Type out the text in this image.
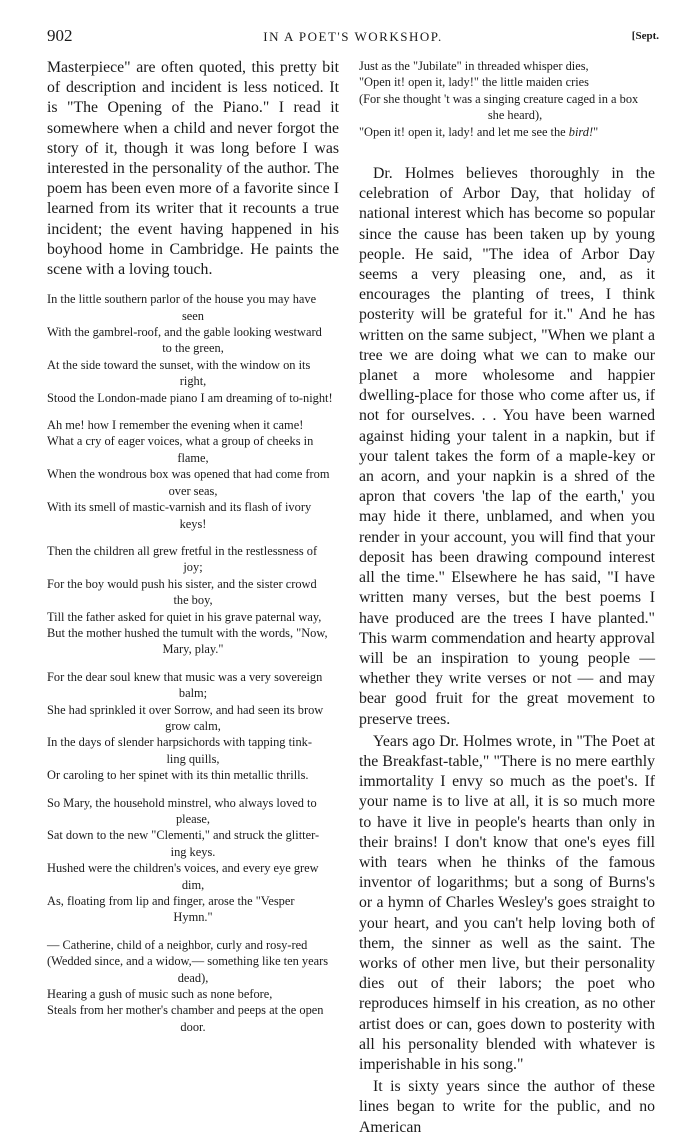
902	IN A POET'S WORKSHOP.	[Sept.

Masterpiece" are often quoted, this pretty bit of description and incident is less noticed. It is "The Opening of the Piano." I read it somewhere when a child and never forgot the story of it, though it was long before I was interested in the personality of the author. The poem has been even more of a favorite since I learned from its writer that it recounts a true incident; the event having happened in his boyhood home in Cambridge. He paints the scene with a loving touch.

In the little southern parlor of the house you may have
seen
With the gambrel-roof, and the gable looking westward
to the green,
At the side toward the sunset, with the window on its
right,
Stood the London-made piano I am dreaming of to-night!
Ah me! how I remember the evening when it came!
What a cry of eager voices, what a group of cheeks in
flame,
When the wondrous box was opened that had come from
over seas,
With its smell of mastic-varnish and its flash of ivory
keys!
Then the children all grew fretful in the restlessness of
joy;
For the boy would push his sister, and the sister crowd
the boy,
Till the father asked for quiet in his grave paternal way,
But the mother hushed the tumult with the words, "Now,
Mary, play."
For the dear soul knew that music was a very sovereign
balm;
She had sprinkled it over Sorrow, and had seen its brow
grow calm,
In the days of slender harpsichords with tapping tink-
ling quills,
Or caroling to her spinet with its thin metallic thrills.
So Mary, the household minstrel, who always loved to
please,
Sat down to the new "Clementi," and struck the glitter-
ing keys.
Hushed were the children's voices, and every eye grew
dim,
As, floating from lip and finger, arose the "Vesper
Hymn."
— Catherine, child of a neighbor, curly and rosy-red
(Wedded since, and a widow,— something like ten years
dead),
Hearing a gush of music such as none before,
Steals from her mother's chamber and peeps at the open
door.
Just as the "Jubilate" in threaded whisper dies,
"Open it! open it, lady!" the little maiden cries
(For she thought 't was a singing creature caged in a box
she heard),
"Open it! open it, lady! and let me see the bird!"

Dr. Holmes believes thoroughly in the celebration of Arbor Day, that holiday of national interest which has become so popular since the cause has been taken up by young people. He said, "The idea of Arbor Day seems a very pleasing one, and, as it encourages the planting of trees, I think posterity will be grateful for it." And he has written on the same subject, "When we plant a tree we are doing what we can to make our planet a more wholesome and happier dwelling-place for those who come after us, if not for ourselves. . . You have been warned against hiding your talent in a napkin, but if your talent takes the form of a maple-key or an acorn, and your napkin is a shred of the apron that covers 'the lap of the earth,' you may hide it there, unblamed, and when you render in your account, you will find that your deposit has been drawing compound interest all the time." Elsewhere he has said, "I have written many verses, but the best poems I have produced are the trees I have planted." This warm commendation and hearty approval will be an inspiration to young people — whether they write verses or not — and may bear good fruit for the great movement to preserve trees.

Years ago Dr. Holmes wrote, in "The Poet at the Breakfast-table," "There is no mere earthly immortality I envy so much as the poet's. If your name is to live at all, it is so much more to have it live in people's hearts than only in their brains! I don't know that one's eyes fill with tears when he thinks of the famous inventor of logarithms; but a song of Burns's or a hymn of Charles Wesley's goes straight to your heart, and you can't help loving both of them, the sinner as well as the saint. The works of other men live, but their personality dies out of their labors; the poet who reproduces himself in his creation, as no other artist does or can, goes down to posterity with all his personality blended with whatever is imperishable in his song."

It is sixty years since the author of these lines began to write for the public, and no American
